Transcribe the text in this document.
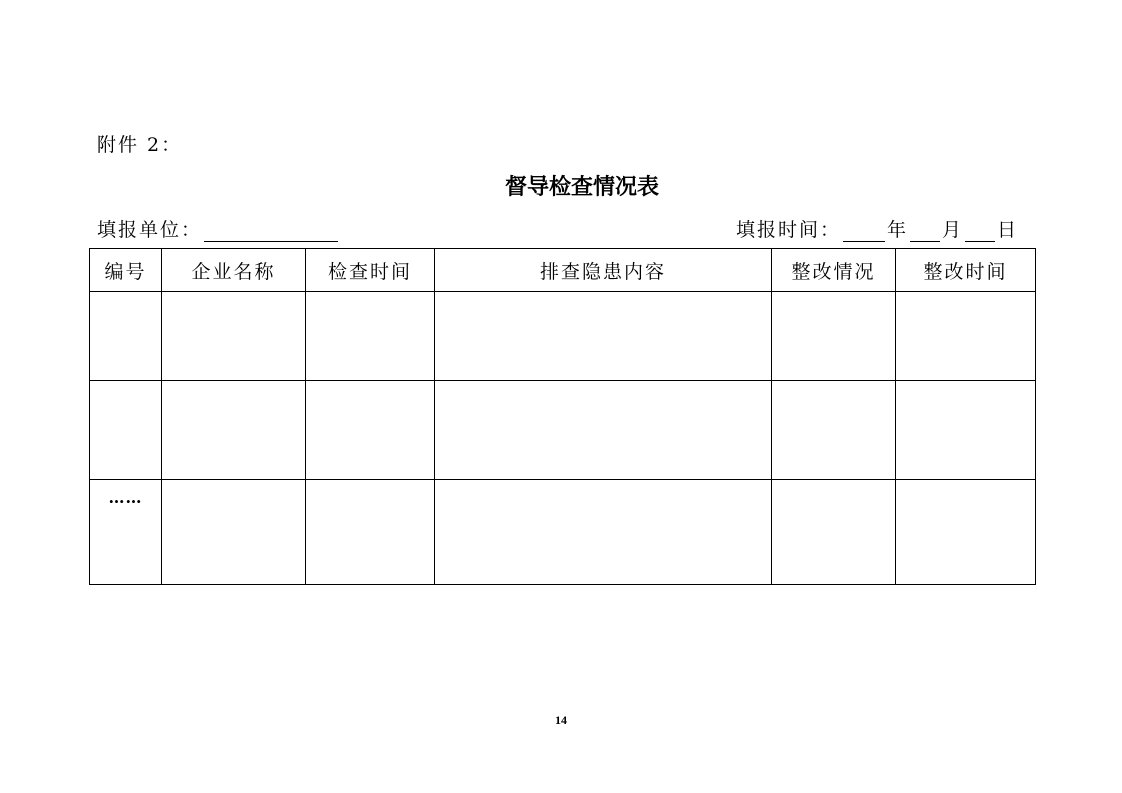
附件 2：
督导检查情况表
填报单位：	填报时间： 年 月 日
编号	企业名称	检查时间	排查隐患内容	整改情况	整改时间

……					

14
